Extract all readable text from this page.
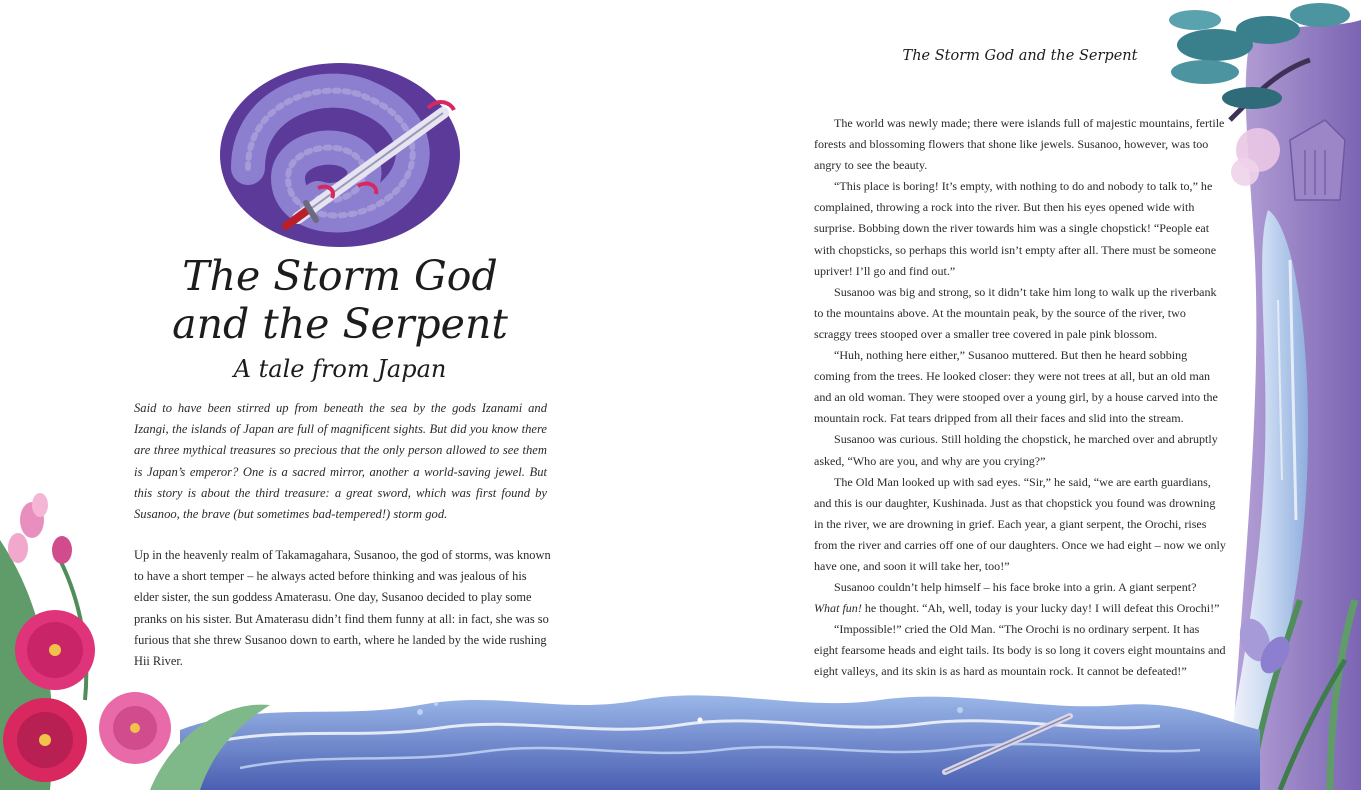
The Storm God
and the Serpent
A tale from Japan

Said to have been stirred up from beneath the sea by the gods Izanami and Izangi, the islands of Japan are full of magnificent sights. But did you know there are three mythical treasures so precious that the only person allowed to see them is Japan’s emperor? One is a sacred mirror, another a world-saving jewel. But this story is about the third treasure: a great sword, which was first found by Susanoo, the brave (but sometimes bad-tempered!) storm god.

Up in the heavenly realm of Takamagahara, Susanoo, the god of storms, was known to have a short temper – he always acted before thinking and was jealous of his elder sister, the sun goddess Amaterasu. One day, Susanoo decided to play some pranks on his sister. But Amaterasu didn’t find them funny at all: in fact, she was so furious that she threw Susanoo down to earth, where he landed by the wide rushing Hii River.

The Storm God and the Serpent

The world was newly made; there were islands full of majestic mountains, fertile forests and blossoming flowers that shone like jewels. Susanoo, however, was too angry to see the beauty.

“This place is boring! It’s empty, with nothing to do and nobody to talk to,” he complained, throwing a rock into the river. But then his eyes opened wide with surprise. Bobbing down the river towards him was a single chopstick! “People eat with chopsticks, so perhaps this world isn’t empty after all. There must be someone upriver! I’ll go and find out.”

Susanoo was big and strong, so it didn’t take him long to walk up the riverbank to the mountains above. At the mountain peak, by the source of the river, two scraggy trees stooped over a smaller tree covered in pale pink blossom.

“Huh, nothing here either,” Susanoo muttered. But then he heard sobbing coming from the trees. He looked closer: they were not trees at all, but an old man and an old woman. They were stooped over a young girl, by a house carved into the mountain rock. Fat tears dripped from all their faces and slid into the stream.

Susanoo was curious. Still holding the chopstick, he marched over and abruptly asked, “Who are you, and why are you crying?”

The Old Man looked up with sad eyes. “Sir,” he said, “we are earth guardians, and this is our daughter, Kushinada. Just as that chopstick you found was drowning in the river, we are drowning in grief. Each year, a giant serpent, the Orochi, rises from the river and carries off one of our daughters. Once we had eight – now we only have one, and soon it will take her, too!”

Susanoo couldn’t help himself – his face broke into a grin. A giant serpent?
What fun! he thought. “Ah, well, today is your lucky day! I will defeat this Orochi!”

“Impossible!” cried the Old Man. “The Orochi is no ordinary serpent. It has eight fearsome heads and eight tails. Its body is so long it covers eight mountains and eight valleys, and its skin is as hard as mountain rock. It cannot be defeated!”
